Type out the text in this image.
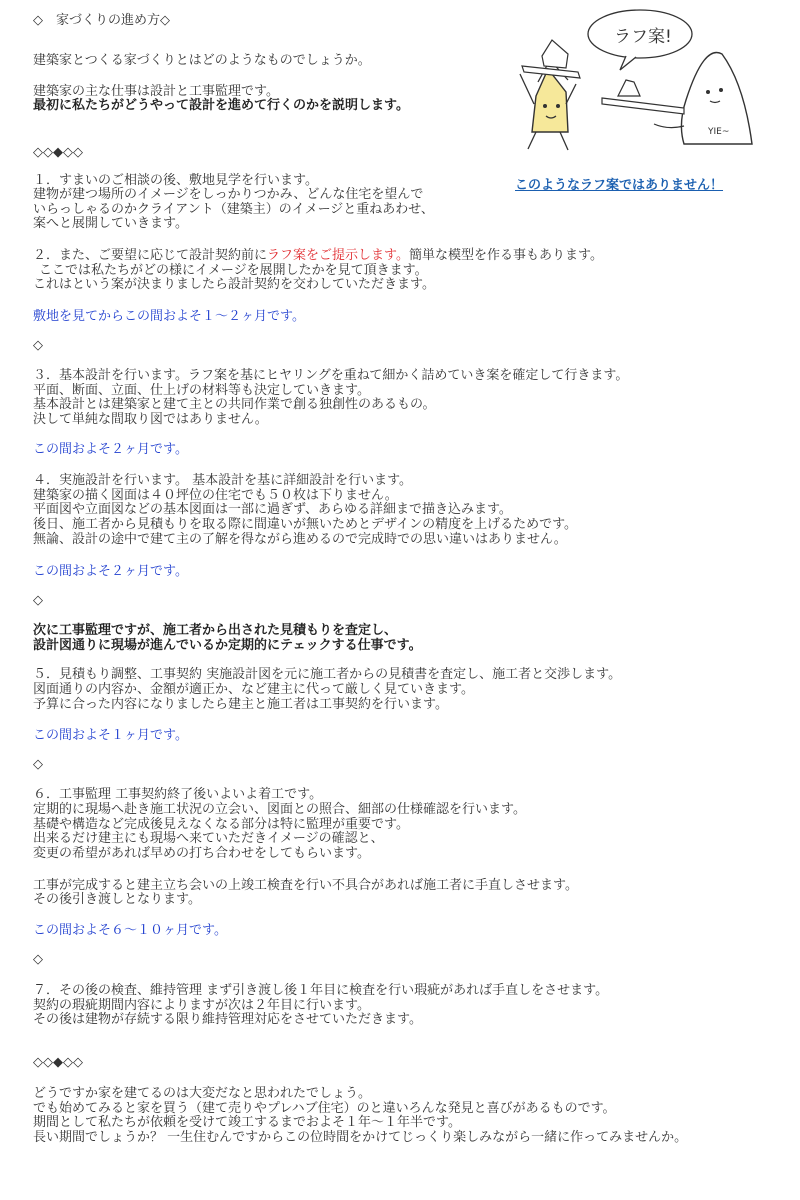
◇　家づくりの進め方◇

建築家とつくる家づくりとはどのようなものでしょうか。

建築家の主な仕事は設計と工事監理です。

最初に私たちがどうやって設計を進めて行くのかを説明します。

◇◇◆◇◇

１．すまいのご相談の後、敷地見学を行います。

建物が建つ場所のイメージをしっかりつかみ、どんな住宅を望んで

いらっしゃるのかクライアント（建築主）のイメージと重ねあわせ、

案へと展開していきます。

２．また、ご要望に応じて設計契約前にラフ案をご提示します。簡単な模型を作る事もあります。

ここでは私たちがどの様にイメージを展開したかを見て頂きます。

これはという案が決まりましたら設計契約を交わしていただきます。

敷地を見てからこの間およそ１～２ヶ月です。

◇

３．基本設計を行います。ラフ案を基にヒヤリングを重ねて細かく詰めていき案を確定して行きます。

平面、断面、立面、仕上げの材料等も決定していきます。

基本設計とは建築家と建て主との共同作業で創る独創性のあるもの。

決して単純な間取り図ではありません。

この間およそ２ヶ月です。

４．実施設計を行います。 基本設計を基に詳細設計を行います。

建築家の描く図面は４０坪位の住宅でも５０枚は下りません。

平面図や立面図などの基本図面は一部に過ぎず、あらゆる詳細まで描き込みます。

後日、施工者から見積もりを取る際に間違いが無いためとデザインの精度を上げるためです。

無論、設計の途中で建て主の了解を得ながら進めるので完成時での思い違いはありません。

この間およそ２ヶ月です。

◇

次に工事監理ですが、施工者から出された見積もりを査定し、

設計図通りに現場が進んでいるか定期的にテェックする仕事です。

５．見積もり調整、工事契約 実施設計図を元に施工者からの見積書を査定し、施工者と交渉します。

図面通りの内容か、金額が適正か、など建主に代って厳しく見ていきます。

予算に合った内容になりましたら建主と施工者は工事契約を行います。

この間およそ１ヶ月です。

◇

６．工事監理 工事契約終了後いよいよ着工です。

定期的に現場へ赴き施工状況の立会い、図面との照合、細部の仕様確認を行います。

基礎や構造など完成後見えなくなる部分は特に監理が重要です。

出来るだけ建主にも現場へ来ていただきイメージの確認と、

変更の希望があれば早めの打ち合わせをしてもらいます。

工事が完成すると建主立ち会いの上竣工検査を行い不具合があれば施工者に手直しさせます。

その後引き渡しとなります。

この間およそ６～１０ヶ月です。

◇

７．その後の検査、維持管理 まず引き渡し後１年目に検査を行い瑕疵があれば手直しをさせます。

契約の瑕疵期間内容によりますが次は２年目に行います。

その後は建物が存続する限り維持管理対応をさせていただきます。

◇◇◆◇◇

どうですか家を建てるのは大変だなと思われたでしょう。

でも始めてみると家を買う（建て売りやプレハブ住宅）のと違いろんな発見と喜びがあるものです。

期間として私たちが依頼を受けて竣工するまでおよそ１年～１年半です。

長い期間でしょうか？ 一生住むんですからこの位時間をかけてじっくり楽しみながら一緒に作ってみませんか。

ラフ案!
YIE~
このようなラフ案ではありません！
